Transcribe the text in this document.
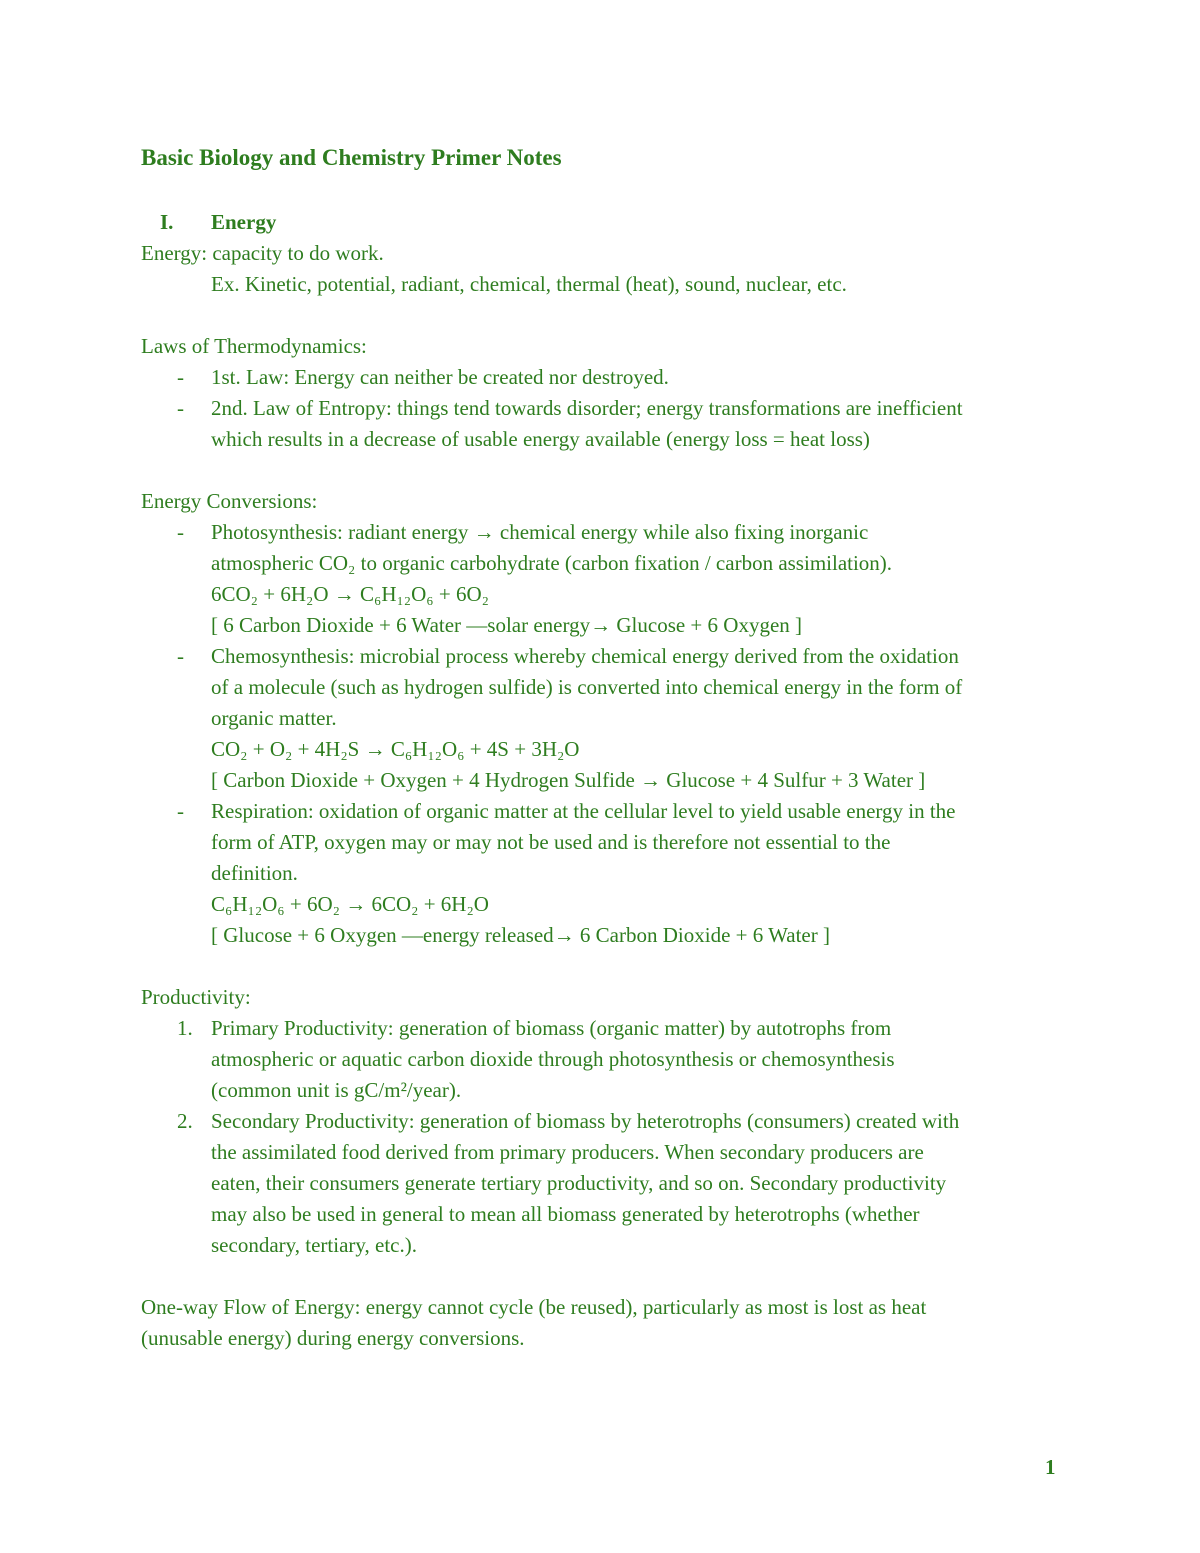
Basic Biology and Chemistry Primer Notes
I. Energy
Energy: capacity to do work.
Ex. Kinetic, potential, radiant, chemical, thermal (heat), sound, nuclear, etc.
Laws of Thermodynamics:
- 1st. Law: Energy can neither be created nor destroyed.
- 2nd. Law of Entropy: things tend towards disorder; energy transformations are inefficient
which results in a decrease of usable energy available (energy loss = heat loss)
Energy Conversions:
- Photosynthesis: radiant energy → chemical energy while also fixing inorganic
atmospheric CO₂ to organic carbohydrate (carbon fixation / carbon assimilation).
6CO₂ + 6H₂O → C₆H₁₂O₆ + 6O₂
[ 6 Carbon Dioxide + 6 Water —solar energy→ Glucose + 6 Oxygen ]
- Chemosynthesis: microbial process whereby chemical energy derived from the oxidation
of a molecule (such as hydrogen sulfide) is converted into chemical energy in the form of
organic matter.
CO₂ + O₂ + 4H₂S → C₆H₁₂O₆ + 4S + 3H₂O
[ Carbon Dioxide + Oxygen + 4 Hydrogen Sulfide → Glucose + 4 Sulfur + 3 Water ]
- Respiration: oxidation of organic matter at the cellular level to yield usable energy in the
form of ATP, oxygen may or may not be used and is therefore not essential to the
definition.
C₆H₁₂O₆ + 6O₂ → 6CO₂ + 6H₂O
[ Glucose + 6 Oxygen —energy released→ 6 Carbon Dioxide + 6 Water ]
Productivity:
1. Primary Productivity: generation of biomass (organic matter) by autotrophs from
atmospheric or aquatic carbon dioxide through photosynthesis or chemosynthesis
(common unit is gC/m²/year).
2. Secondary Productivity: generation of biomass by heterotrophs (consumers) created with
the assimilated food derived from primary producers. When secondary producers are
eaten, their consumers generate tertiary productivity, and so on. Secondary productivity
may also be used in general to mean all biomass generated by heterotrophs (whether
secondary, tertiary, etc.).
One-way Flow of Energy: energy cannot cycle (be reused), particularly as most is lost as heat
(unusable energy) during energy conversions.
1
